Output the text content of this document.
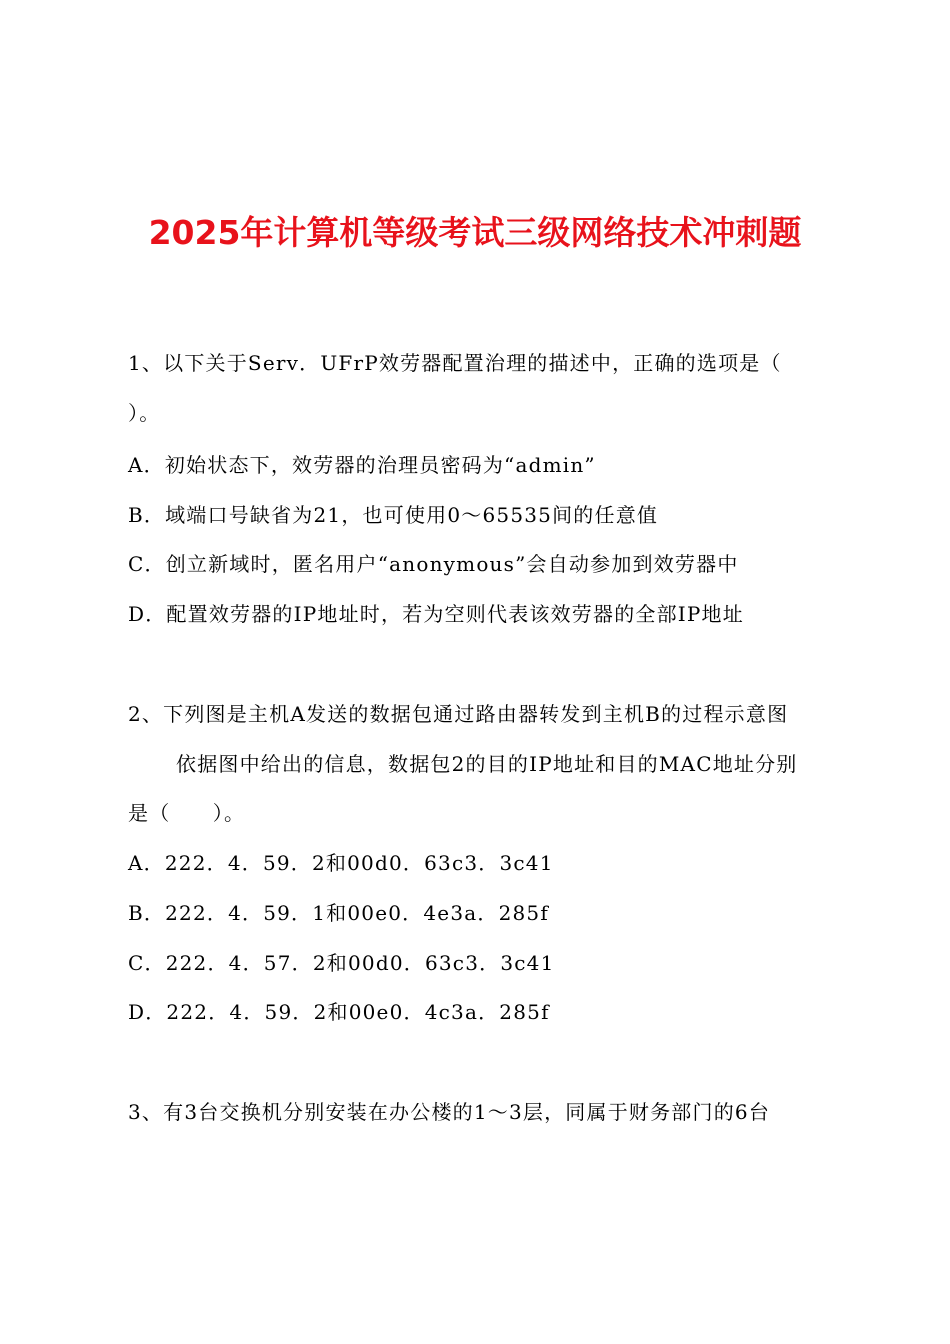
2025年计算机等级考试三级网络技术冲刺题
1、以下关于Serv．UFrP效劳器配置治理的描述中，正确的选项是（
）。
A．初始状态下，效劳器的治理员密码为“admin”
B．域端口号缺省为21，也可使用0～65535间的任意值
C．创立新域时，匿名用户“anonymous”会自动参加到效劳器中
D．配置效劳器的IP地址时，若为空则代表该效劳器的全部IP地址
2、下列图是主机A发送的数据包通过路由器转发到主机B的过程示意图
依据图中给出的信息，数据包2的目的IP地址和目的MAC地址分别
是（　　）。
A．222．4．59．2和00d0．63c3．3c41
B．222．4．59．1和00e0．4e3a．285f
C．222．4．57．2和00d0．63c3．3c41
D．222．4．59．2和00e0．4c3a．285f
3、有3台交换机分别安装在办公楼的1～3层，同属于财务部门的6台
